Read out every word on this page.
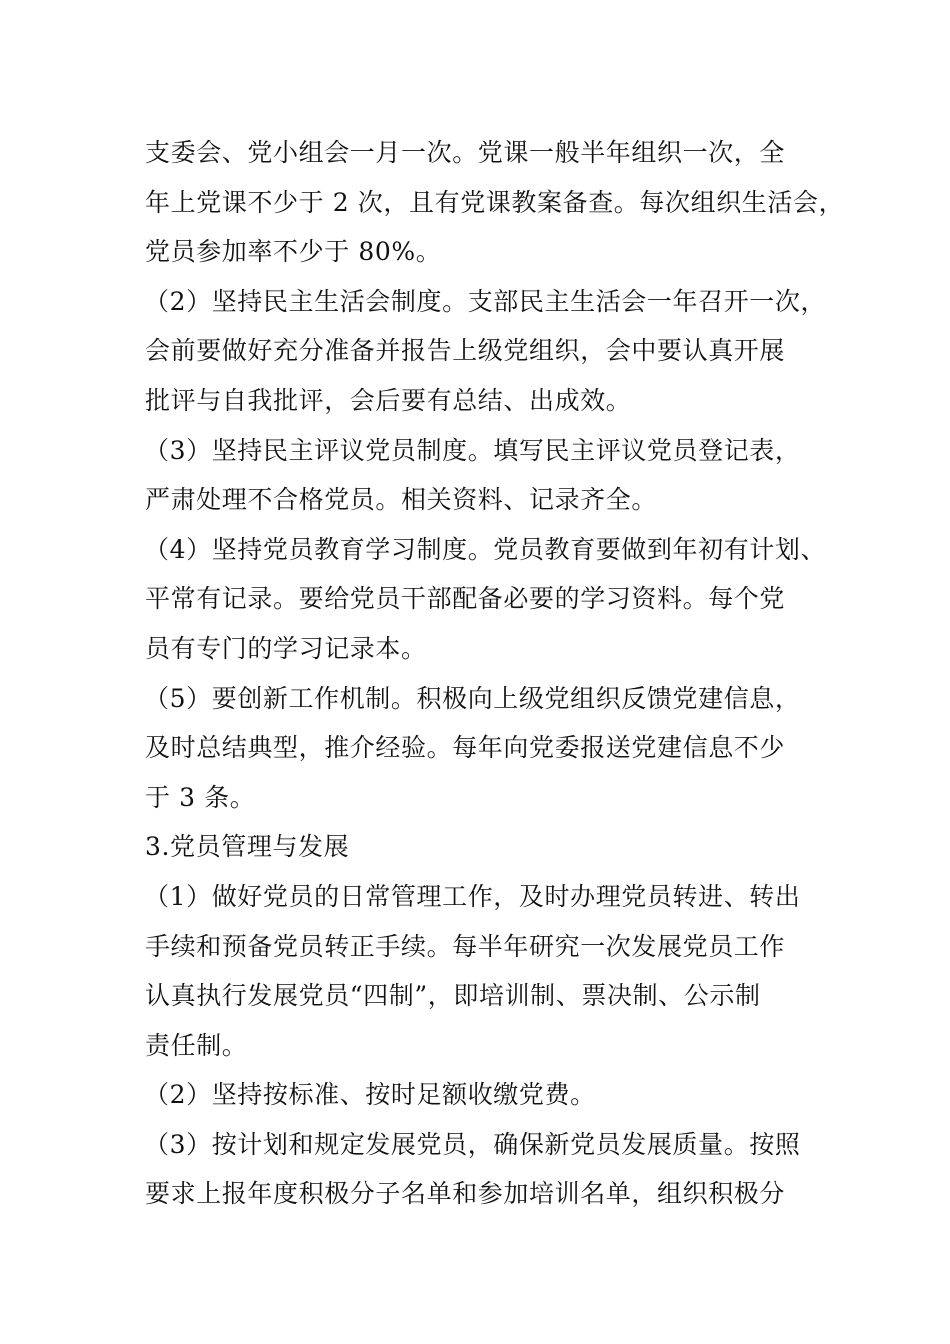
支委会、党小组会一月一次。党课一般半年组织一次，全
年上党课不少于 2 次，且有党课教案备查。每次组织生活会，
党员参加率不少于 80%。
（2）坚持民主生活会制度。支部民主生活会一年召开一次，
会前要做好充分准备并报告上级党组织，会中要认真开展
批评与自我批评，会后要有总结、出成效。
（3）坚持民主评议党员制度。填写民主评议党员登记表，
严肃处理不合格党员。相关资料、记录齐全。
（4）坚持党员教育学习制度。党员教育要做到年初有计划、
平常有记录。要给党员干部配备必要的学习资料。每个党
员有专门的学习记录本。
（5）要创新工作机制。积极向上级党组织反馈党建信息，
及时总结典型，推介经验。每年向党委报送党建信息不少
于 3 条。
3.党员管理与发展
（1）做好党员的日常管理工作，及时办理党员转进、转出
手续和预备党员转正手续。每半年研究一次发展党员工作
认真执行发展党员“四制”，即培训制、票决制、公示制
责任制。
（2）坚持按标准、按时足额收缴党费。
（3）按计划和规定发展党员，确保新党员发展质量。按照
要求上报年度积极分子名单和参加培训名单，组织积极分
